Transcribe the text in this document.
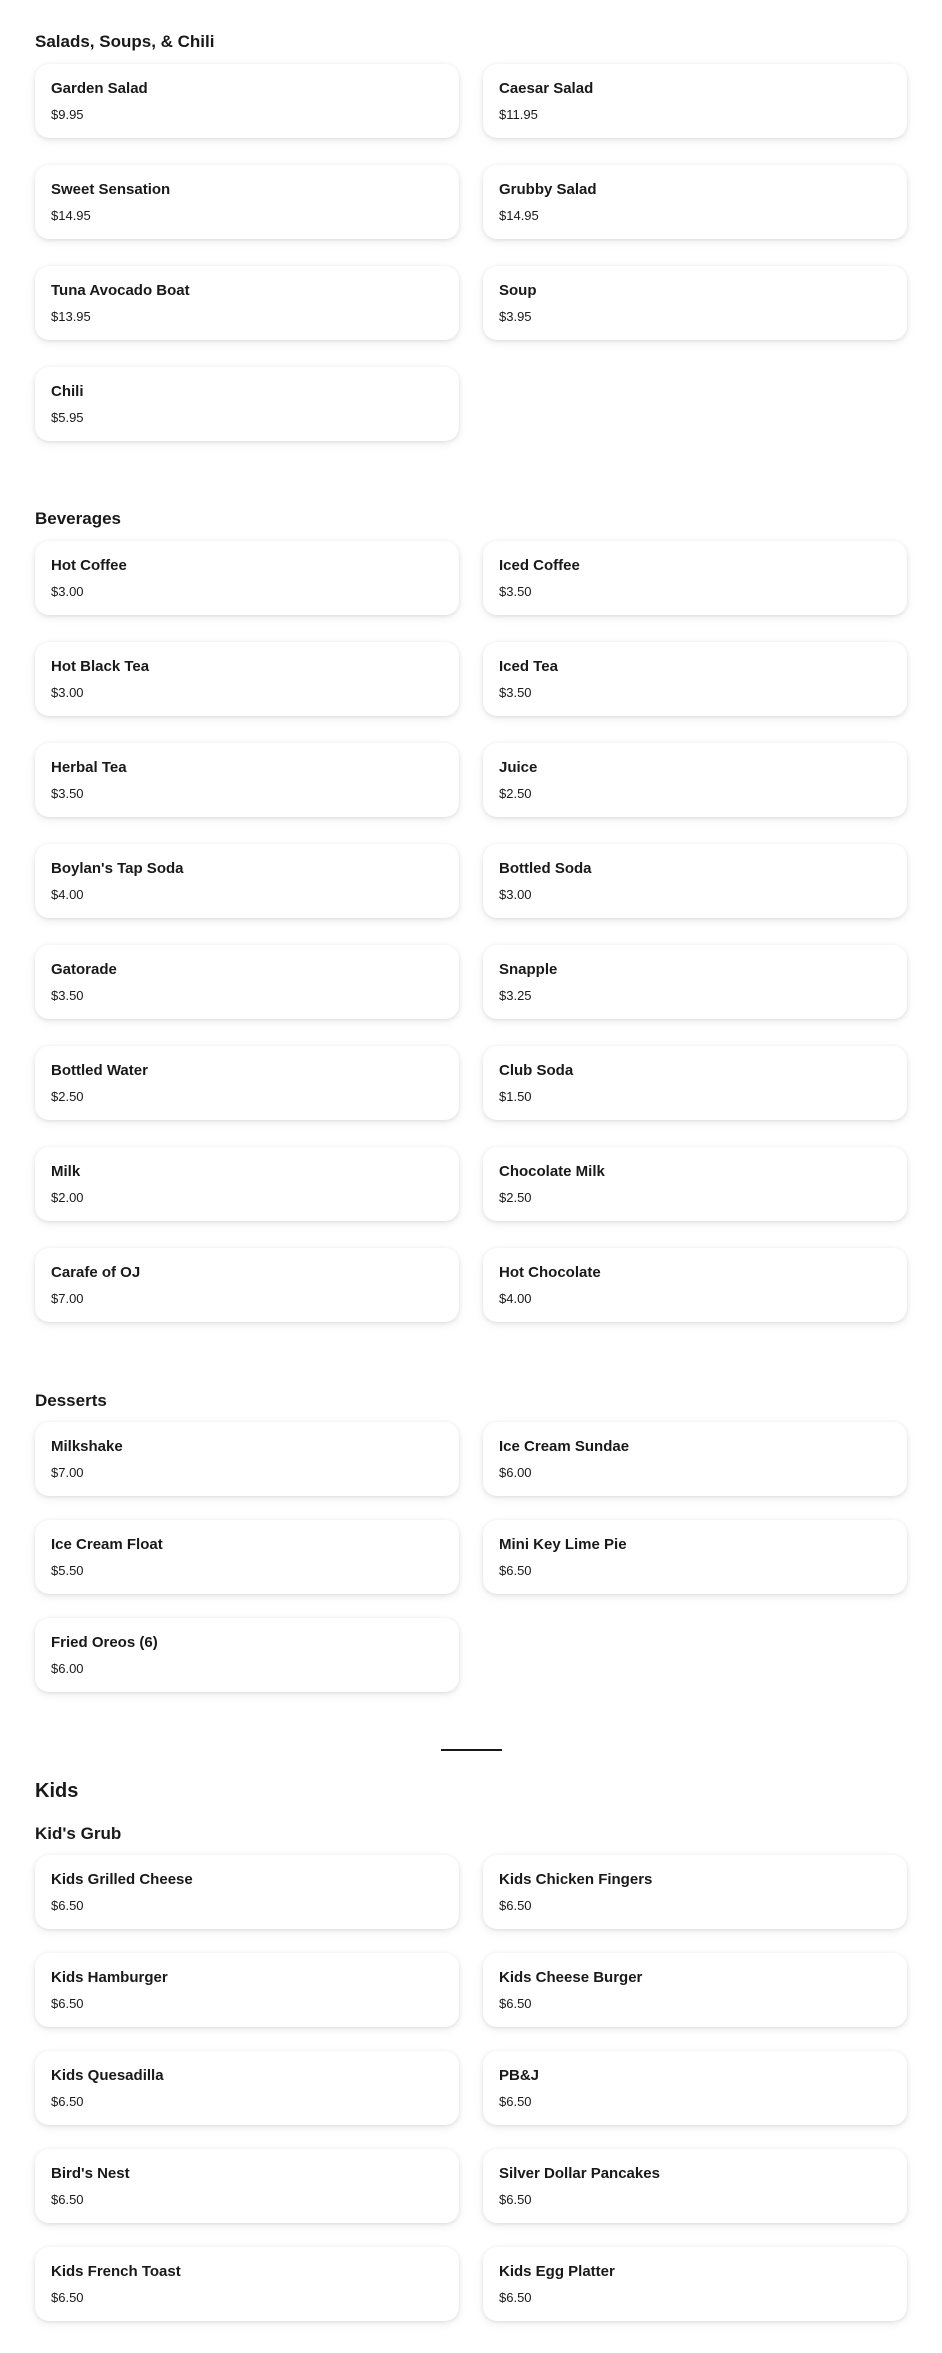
Salads, Soups, & Chili
Beverages
Desserts
Kids
Kid's Grub
Garden Salad
$9.95
Caesar Salad
$11.95
Sweet Sensation
$14.95
Grubby Salad
$14.95
Tuna Avocado Boat
$13.95
Soup
$3.95
Chili
$5.95
Hot Coffee
$3.00
Iced Coffee
$3.50
Hot Black Tea
$3.00
Iced Tea
$3.50
Herbal Tea
$3.50
Juice
$2.50
Boylan's Tap Soda
$4.00
Bottled Soda
$3.00
Gatorade
$3.50
Snapple
$3.25
Bottled Water
$2.50
Club Soda
$1.50
Milk
$2.00
Chocolate Milk
$2.50
Carafe of OJ
$7.00
Hot Chocolate
$4.00
Milkshake
$7.00
Ice Cream Sundae
$6.00
Ice Cream Float
$5.50
Mini Key Lime Pie
$6.50
Fried Oreos (6)
$6.00
Kids Grilled Cheese
$6.50
Kids Chicken Fingers
$6.50
Kids Hamburger
$6.50
Kids Cheese Burger
$6.50
Kids Quesadilla
$6.50
PB&J
$6.50
Bird's Nest
$6.50
Silver Dollar Pancakes
$6.50
Kids French Toast
$6.50
Kids Egg Platter
$6.50
